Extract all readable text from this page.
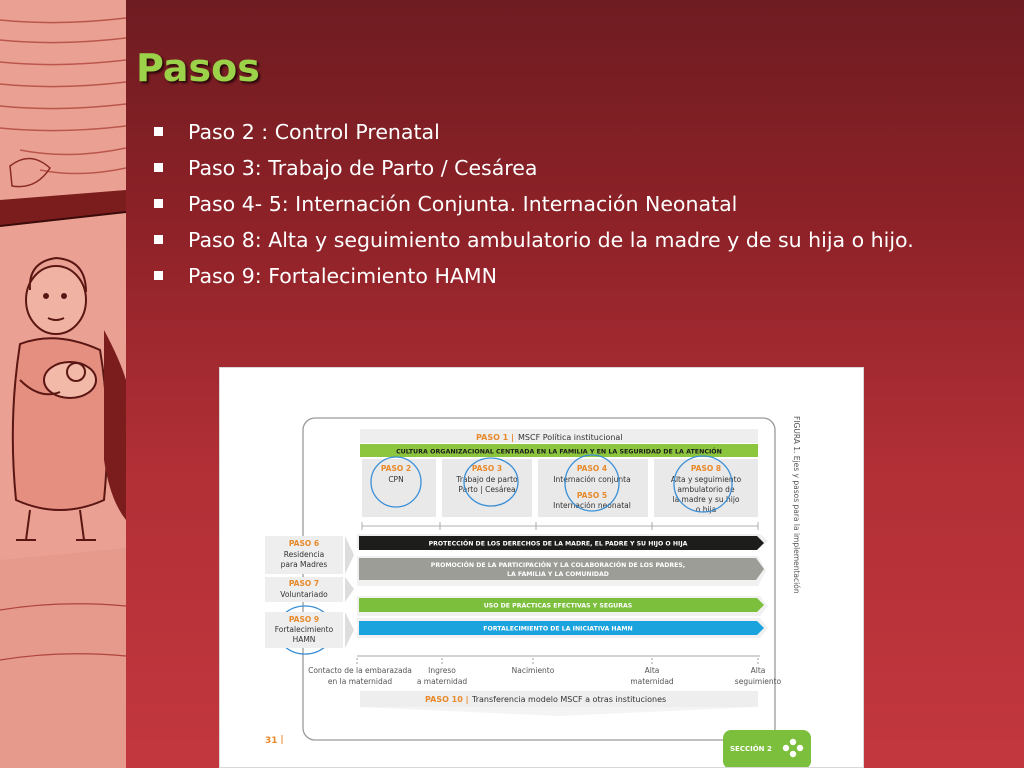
Pasos
Paso 2 : Control Prenatal
Paso 3: Trabajo de Parto / Cesárea
Paso 4- 5: Internación Conjunta. Internación Neonatal
Paso 8: Alta y seguimiento ambulatorio de la madre y de su hija o hijo.
Paso 9: Fortalecimiento HAMN
PASO 1 | MSCF Política institucional
CULTURA ORGANIZACIONAL CENTRADA EN LA FAMILIA Y EN LA SEGURIDAD DE LA ATENCIÓN
PASO 2
CPN
PASO 3
Trabajo de parto
Parto | Cesárea
PASO 4
Internación conjunta
PASO 5
Internación neonatal
PASO 8
Alta y seguimiento
ambulatorio de
la madre y su hijo
o hija
PASO 6
Residencia
para Madres
PASO 7
Voluntariado
PASO 9
Fortalecimiento
HAMN
PROTECCIÓN DE LOS DERECHOS DE LA MADRE, EL PADRE Y SU HIJO O HIJA
PROMOCIÓN DE LA PARTICIPACIÓN Y LA COLABORACIÓN DE LOS PADRES,
LA FAMILIA Y LA COMUNIDAD
USO DE PRÁCTICAS EFECTIVAS Y SEGURAS
FORTALECIMIENTO DE LA INICIATIVA HAMN
Contacto de la embarazada
en la maternidad
Ingreso
a maternidad
Nacimiento	Alta
maternidad
Alta
seguimiento
PASO 10 | Transferencia modelo MSCF a otras instituciones
FIGURA 1. Ejes y pasos para la implementación
31
SECCIÓN 2
